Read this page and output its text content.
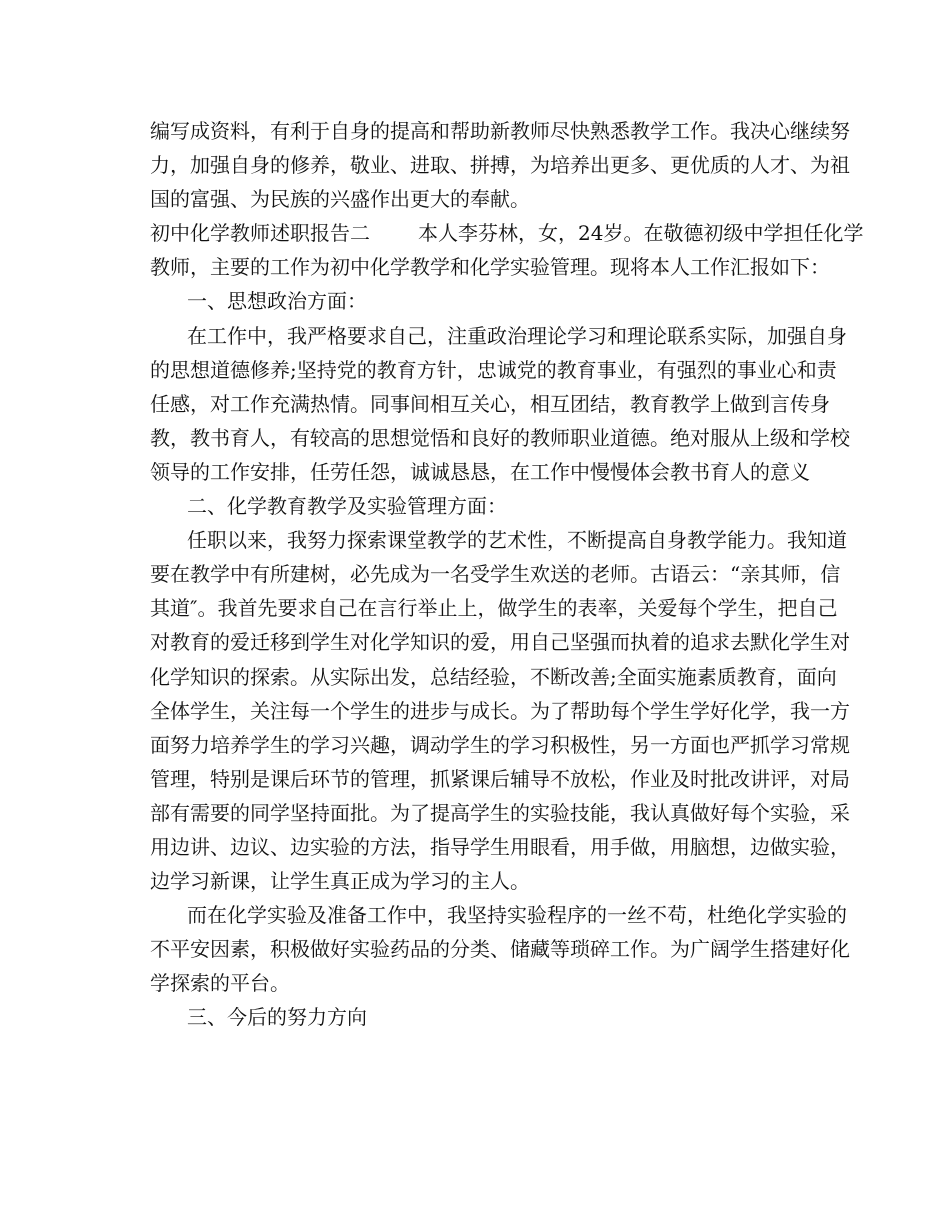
编写成资料，有利于自身的提高和帮助新教师尽快熟悉教学工作。我决心继续努
力，加强自身的修养，敬业、进取、拼搏，为培养出更多、更优质的人才、为祖
国的富强、为民族的兴盛作出更大的奉献。
初中化学教师述职报告二 本人李芬林，女，24岁。在敬德初级中学担任化学
教师，主要的工作为初中化学教学和化学实验管理。现将本人工作汇报如下：
一、思想政治方面：
在工作中，我严格要求自己，注重政治理论学习和理论联系实际，加强自身
的思想道德修养;坚持党的教育方针，忠诚党的教育事业，有强烈的事业心和责
任感，对工作充满热情。同事间相互关心，相互团结，教育教学上做到言传身
教，教书育人，有较高的思想觉悟和良好的教师职业道德。绝对服从上级和学校
领导的工作安排，任劳任怨，诚诚恳恳，在工作中慢慢体会教书育人的意义
二、化学教育教学及实验管理方面：
任职以来，我努力探索课堂教学的艺术性，不断提高自身教学能力。我知道
要在教学中有所建树，必先成为一名受学生欢送的老师。古语云：“亲其师，信
其道″。我首先要求自己在言行举止上，做学生的表率，关爱每个学生，把自己
对教育的爱迁移到学生对化学知识的爱，用自己坚强而执着的追求去默化学生对
化学知识的探索。从实际出发，总结经验，不断改善;全面实施素质教育，面向
全体学生，关注每一个学生的进步与成长。为了帮助每个学生学好化学，我一方
面努力培养学生的学习兴趣，调动学生的学习积极性，另一方面也严抓学习常规
管理，特别是课后环节的管理，抓紧课后辅导不放松，作业及时批改讲评，对局
部有需要的同学坚持面批。为了提高学生的实验技能，我认真做好每个实验，采
用边讲、边议、边实验的方法，指导学生用眼看，用手做，用脑想，边做实验，
边学习新课，让学生真正成为学习的主人。
而在化学实验及准备工作中，我坚持实验程序的一丝不苟，杜绝化学实验的
不平安因素，积极做好实验药品的分类、储藏等琐碎工作。为广阔学生搭建好化
学探索的平台。
三、今后的努力方向
